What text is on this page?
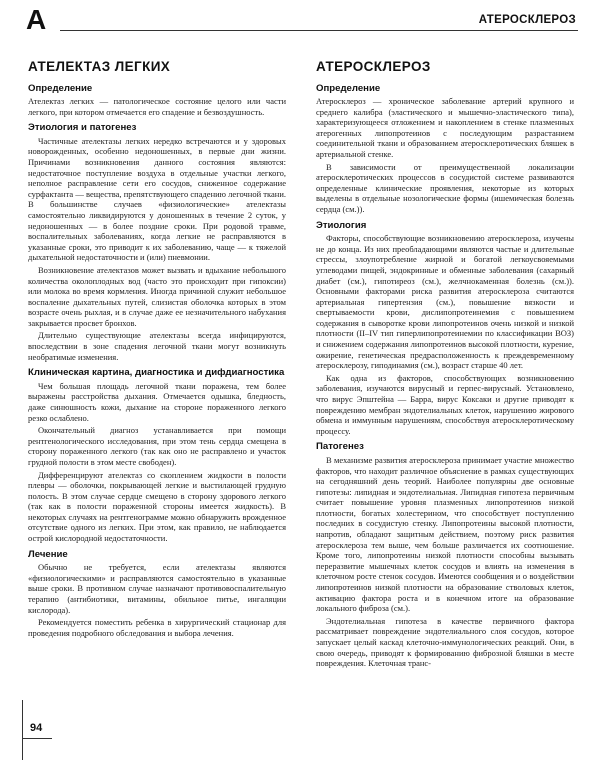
А	АТЕРОСКЛЕРОЗ
АТЕЛЕКТАЗ ЛЕГКИХ
Определение

Ателектаз легких — патологическое состояние целого или части легкого, при котором отмечается его спадение и безвоздушность.

Этиология и патогенез

Частичные ателектазы легких нередко встречаются и у здоровых новорожденных, особенно недоношенных, в первые дни жизни. Причинами возникновения данного состояния являются: недостаточное поступление воздуха в отдельные участки легкого, неполное расправление сети его сосудов, сниженное содержание сурфактанта — вещества, препятствующего спадению легочной ткани. В большинстве случаев «физиологические» ателектазы самостоятельно ликвидируются у доношенных в течение 2 суток, у недоношенных — в более поздние сроки. При родовой травме, воспалительных заболеваниях, когда легкие не расправляются в указанные сроки, это приводит к их заболеванию, чаще — к тяжелой дыхательной недостаточности и (или) пневмонии.

Возникновение ателектазов может вызвать и вдыхание небольшого количества околоплодных вод (часто это происходит при гипоксии) или молока во время кормления. Иногда причиной служит небольшое воспаление дыхательных путей, слизистая оболочка которых в этом возрасте очень рыхлая, и в случае даже ее незначительного набухания закрывается просвет бронхов.

Длительно существующие ателектазы всегда инфицируются, впоследствии в зоне спадения легочной ткани могут возникнуть необратимые изменения.

Клиническая картина, диагностика и дифдиагностика

Чем большая площадь легочной ткани поражена, тем более выражены расстройства дыхания. Отмечается одышка, бледность, даже синюшность кожи, дыхание на стороне пораженного легкого резко ослаблено.

Окончательный диагноз устанавливается при помощи рентгенологического исследования, при этом тень сердца смещена в сторону пораженного легкого (так как оно не расправлено и участок грудной полости в этом месте свободен).

Дифференцируют ателектаз со скоплением жидкости в полости плевры — оболочки, покрывающей легкие и выстилающей грудную полость. В этом случае сердце смещено в сторону здорового легкого (так как в полости пораженной стороны имеется жидкость). В некоторых случаях на рентгенограмме можно обнаружить врожденное отсутствие одного из легких. При этом, как правило, не наблюдается острой кислородной недостаточности.

Лечение

Обычно не требуется, если ателектазы являются «физиологическими» и расправляются самостоятельно в указанные выше сроки. В противном случае назначают противовоспалительную терапию (антибиотики, витамины, обильное питье, ингаляции кислорода).

Рекомендуется поместить ребенка в хирургический стационар для проведения подробного обследования и выбора лечения.

АТЕРОСКЛЕРОЗ
Определение

Атеросклероз — хроническое заболевание артерий крупного и среднего калибра (эластического и мышечно-эластического типа), характеризующееся отложением и накоплением в стенке плазменных атерогенных липопротеинов с последующим разрастанием соединительной ткани и образованием атеросклеротических бляшек в артериальной стенке.

В зависимости от преимущественной локализации атеросклеротических процессов в сосудистой системе развиваются определенные клинические проявления, некоторые из которых выделены в отдельные нозологические формы (ишемическая болезнь сердца (см.)).

Этиология

Факторы, способствующие возникновению атеросклероза, изучены не до конца. Из них преобладающими являются частые и длительные стрессы, злоупотребление жирной и богатой легкоусвояемыми углеводами пищей, эндокринные и обменные заболевания (сахарный диабет (см.), гипотиреоз (см.), желчнокаменная болезнь (см.)). Основными факторами риска развития атеросклероза считаются артериальная гипертензия (см.), повышение вязкости и свертываемости крови, дислипопротеинемия с повышением содержания в сыворотке крови липопротеинов очень низкой и низкой плотности (II–IV тип гиперлипопротеинемии по классификации ВОЗ) и снижением содержания липопротеинов высокой плотности, курение, ожирение, генетическая предрасположенность к преждевременному атеросклерозу, гиподинамия (см.), возраст старше 40 лет.

Как одна из факторов, способствующих возникновению заболевания, изучаются вирусный и герпес-вирусный. Установлено, что вирус Эпштейна — Барра, вирус Коксаки и другие приводят к повреждению мембран эндотелиальных клеток, нарушению жирового обмена и иммунным нарушениям, способствуя атеросклеротическому процессу.

Патогенез

В механизме развития атеросклероза принимает участие множество факторов, что находит различное объяснение в рамках существующих на сегодняшний день теорий. Наиболее популярны две основные гипотезы: липидная и эндотелиальная. Липидная гипотеза первичным считает повышение уровня плазменных липопротеинов низкой плотности, богатых холестерином, что способствует поступлению последних в сосудистую стенку. Липопротеины высокой плотности, напротив, обладают защитным действием, поэтому риск развития атеросклероза тем выше, чем больше различается их соотношение. Кроме того, липопротеины низкой плотности способны вызывать перерaзвитие мышечных клеток сосудов и влиять на изменения в клеточном росте стенок сосудов. Имеются сообщения и о воздействии липопротеинов низкой плотности на образование стволовых клеток, активацию фактора роста и в конечном итоге на образование локального фиброза (см.).

Эндотелиальная гипотеза в качестве первичного фактора рассматривает повреждение эндотелиального слоя сосудов, которое запускает целый каскад клеточно-иммунологических реакций. Они, в свою очередь, приводят к формированию фиброзной бляшки в месте повреждения. Клеточная транс-

94
